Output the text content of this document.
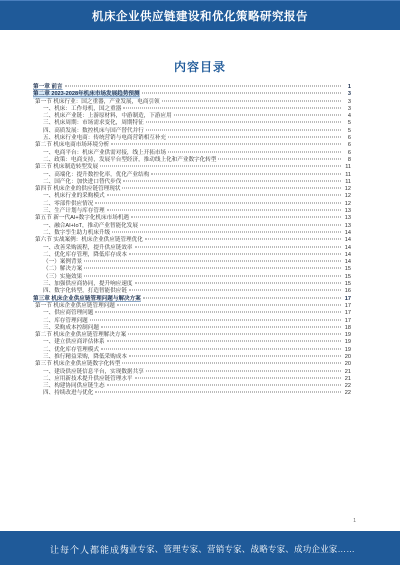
机床企业供应链建设和优化策略研究报告
内容目录
第一章 前言	1
第二章 2023-2028年机床市场发展趋势预测	3
第一节 机床行业：国之重器，产业发展，电商引领	3
一、机床：工作母机，国之重器	3
二、机床产业链：上游原材料，中游制造，下游应用	4
三、机床周期：市场需求变化，周期特征	5
四、高质发展：数控机床与国产替代并行	5
五、机床行业电商：传统营销与电商营销相互补充	6
第二节 机床电商市场环境分析	6
一、电商平台：机床产业供需对接，线上开拓市场	6
二、政策：电商支持，发展平台型经济，推动线上化和产业数字化转型	8
第三节 机床制造转型发展	11
一、高端化：提升数控化率，优化产业结构	11
二、国产化：加快进口替代步伐	11
第四节 机床企业的供应链管理现状	12
一、机床行业的采购模式	12
二、零部件供应情况	12
三、生产计划与库存管理	13
第五节 新一代AI+数字化机床市场机遇	13
一、融合AI+IoT，推动产业智能化发展	13
二、数字孪生助力机床升级	14
第六节 实战案例：机床企业供应链管理优化	14
一、改善采购流程，提升供应链效率	14
二、优化库存管理，降低库存成本	14
（一）案例背景	14
（二）解决方案	15
（三）实施效果	15
三、加强供应商协同，提升响应速度	15
四、数字化转型，打造智能供应链	16
第三章 机床企业供应链管理问题与解决方案	17
第一节 机床企业供应链管理问题	17
一、供应商管理问题	17
二、库存管理问题	17
三、采购成本控制问题	18
第二节 机床企业供应链管理解决方案	19
一、建立供应商评估体系	19
二、优化库存管理模式	19
三、推行精益采购，降低采购成本	20
第三节 机床企业供应链数字化转型	20
一、建设供应链信息平台，实现数据共享	21
二、应用新技术提升供应链管理水平	21
三、构建协同供应链生态	22
四、持续改进与优化	22
1
让每个人都能成为
行业专家、管理专家、营销专家、战略专家、成功企业家……
